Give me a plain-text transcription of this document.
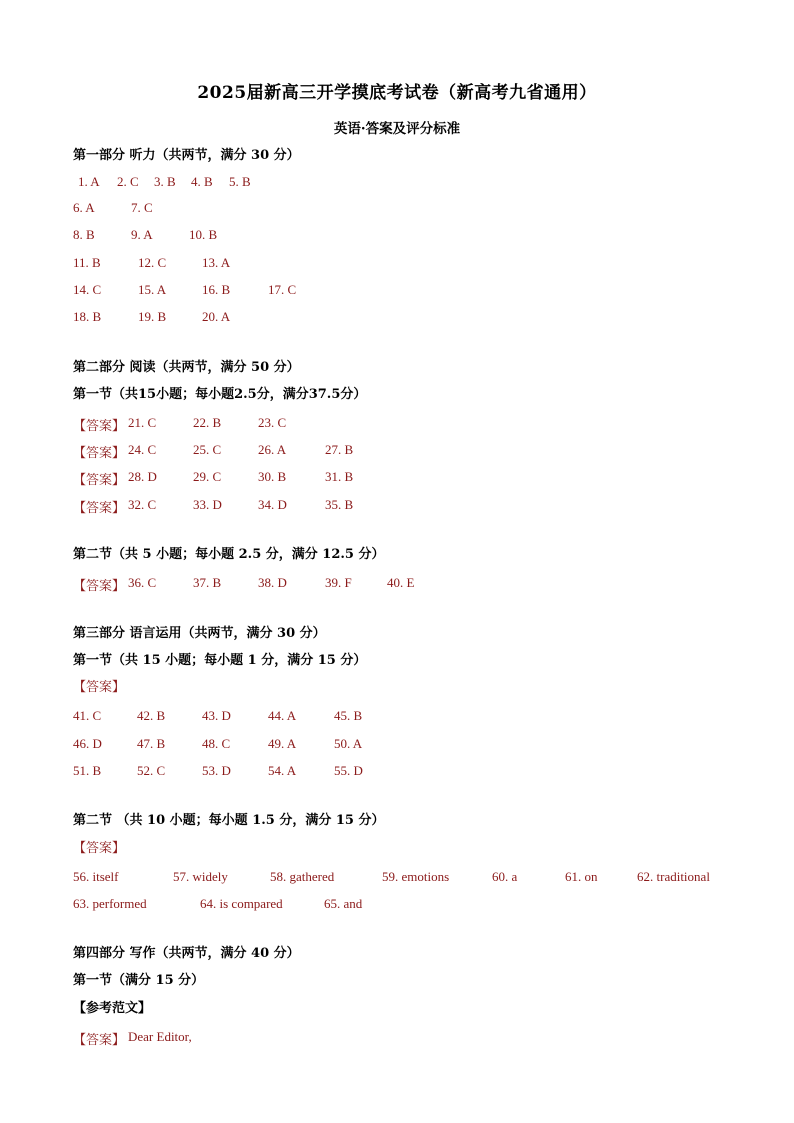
2025届新高三开学摸底考试卷（新高考九省通用）
英语·答案及评分标准
第一部分 听力（共两节，满分 30 分）
1. A 2. C 3. B 4. B 5. B
6. A	7. C
8. B	9. A	10. B
11. B	12. C	13. A
14. C	15. A	16. B	17. C
18. B	19. B	20. A
第二部分 阅读（共两节，满分 50 分）
第一节（共15小题；每小题2.5分，满分37.5分）
【答案】 21. C	22. B	23. C
【答案】 24. C	25. C	26. A	27. B
【答案】 28. D	29. C	30. B	31. B
【答案】 32. C	33. D	34. D	35. B
第二节（共 5 小题；每小题 2.5 分，满分 12.5 分）
【答案】 36. C	37. B	38. D	39. F	40. E
第三部分 语言运用（共两节，满分 30 分）
第一节（共 15 小题；每小题 1 分，满分 15 分）
【答案】
41. C	42. B	43. D	44. A	45. B
46. D	47. B	48. C	49. A	50. A
51. B	52. C	53. D	54. A	55. D
第二节 （共 10 小题；每小题 1.5 分，满分 15 分）
【答案】
56. itself	57. widely	58. gathered	59. emotions	60. a	61. on	62. traditional
63. performed	64. is compared	65. and
第四部分 写作（共两节，满分 40 分）
第一节（满分 15 分）
【参考范文】
【答案】 Dear Editor,
